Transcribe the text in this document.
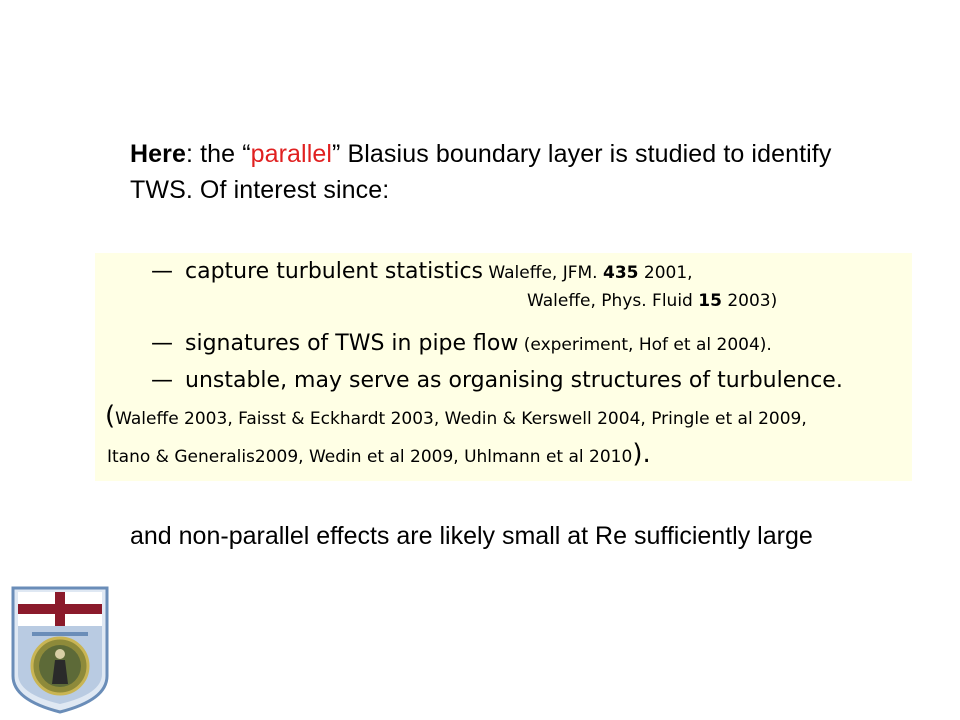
Here: the “parallel” Blasius boundary layer is studied to identify TWS. Of interest since:
— capture turbulent statistics Waleffe, JFM. 435 2001,
Waleffe, Phys. Fluid 15 2003)
— signatures of TWS in pipe flow (experiment, Hof et al 2004).
— unstable, may serve as organising structures of turbulence.
(Waleffe 2003, Faisst & Eckhardt 2003, Wedin & Kerswell 2004, Pringle et al 2009,
Itano & Generalis2009, Wedin et al 2009, Uhlmann et al 2010).
and non-parallel effects are likely small at Re sufficiently large
